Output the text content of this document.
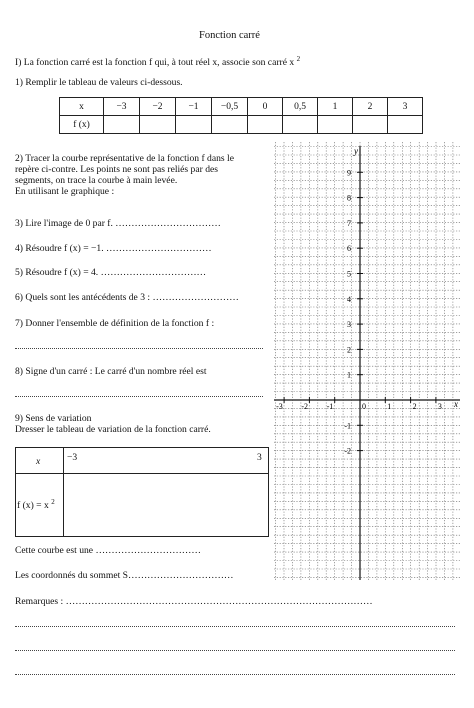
Fonction carré
I) La fonction carré est la fonction f qui, à tout réel x, associe son carré x $^2$
1) Remplir le tableau de valeurs ci-dessous.
x	−3	−2	−1	−0,5	0	0,5	1	2	3
f (x)									
2) Tracer la courbe représentative de la fonction f dans le
repère ci-contre. Les points ne sont pas reliés par des
segments, on trace la courbe à main levée.
En utilisant le graphique :
3) Lire l'image de 0 par f. ……………………………
4) Résoudre f (x) = −1. ……………………………
5) Résoudre f (x) = 4. ……………………………
6) Quels sont les antécédents de 3 : ………………………
7) Donner l'ensemble de définition de la fonction f :
8) Signe d'un carré : Le carré d'un nombre réel est
9) Sens de variation
Dresser le tableau de variation de la fonction carré.
x	−3	3
f (x) = x $^2$
Cette courbe est une ……………………………
Les coordonnés du sommet S……………………………
Remarques : ……………………………………………………………………………………
y
x
9
8
7
6
5
4
3
2
1
-1
-2
-3 -2 -1	0	1	2	3
